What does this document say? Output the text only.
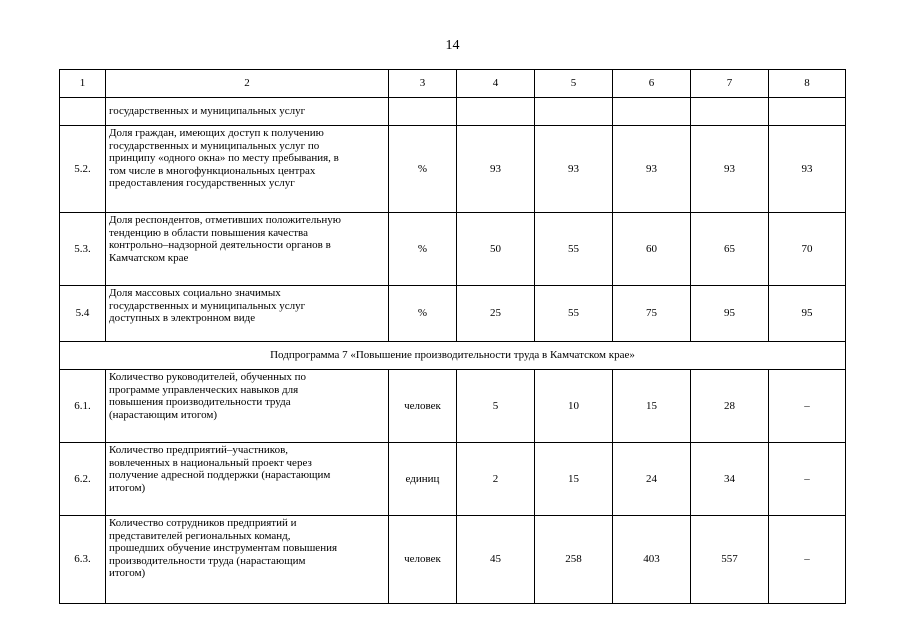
14
1	2	3	4	5	6	7	8

	государственных и муниципальных услуг						

5.2.	Доля граждан, имеющих доступ к получению
государственных и муниципальных услуг по
принципу «одного окна» по месту пребывания, в
том числе в многофункциональных центрах
предоставления государственных услуг	%	93	93	93	93	93
5.3.	Доля респондентов, отметивших положительную
тенденцию в области повышения качества
контрольно–надзорной деятельности органов в
Камчатском крае	%	50	55	60	65	70
5.4	Доля массовых социально значимых
государственных и муниципальных услуг
доступных в электронном виде	%	25	55	75	95	95
Подпрограмма 7 «Повышение производительности труда в Камчатском крае»							
6.1.	Количество руководителей, обученных по
программе управленческих навыков для
повышения производительности труда
(нарастающим итогом)	человек	5	10	15	28	–
6.2.	Количество предприятий–участников,
вовлеченных в национальный проект через
получение адресной поддержки (нарастающим
итогом)	единиц	2	15	24	34	–
6.3.	Количество сотрудников предприятий и
представителей региональных команд,
прошедших обучение инструментам повышения
производительности труда (нарастающим
итогом)	человек	45	258	403	557	–
